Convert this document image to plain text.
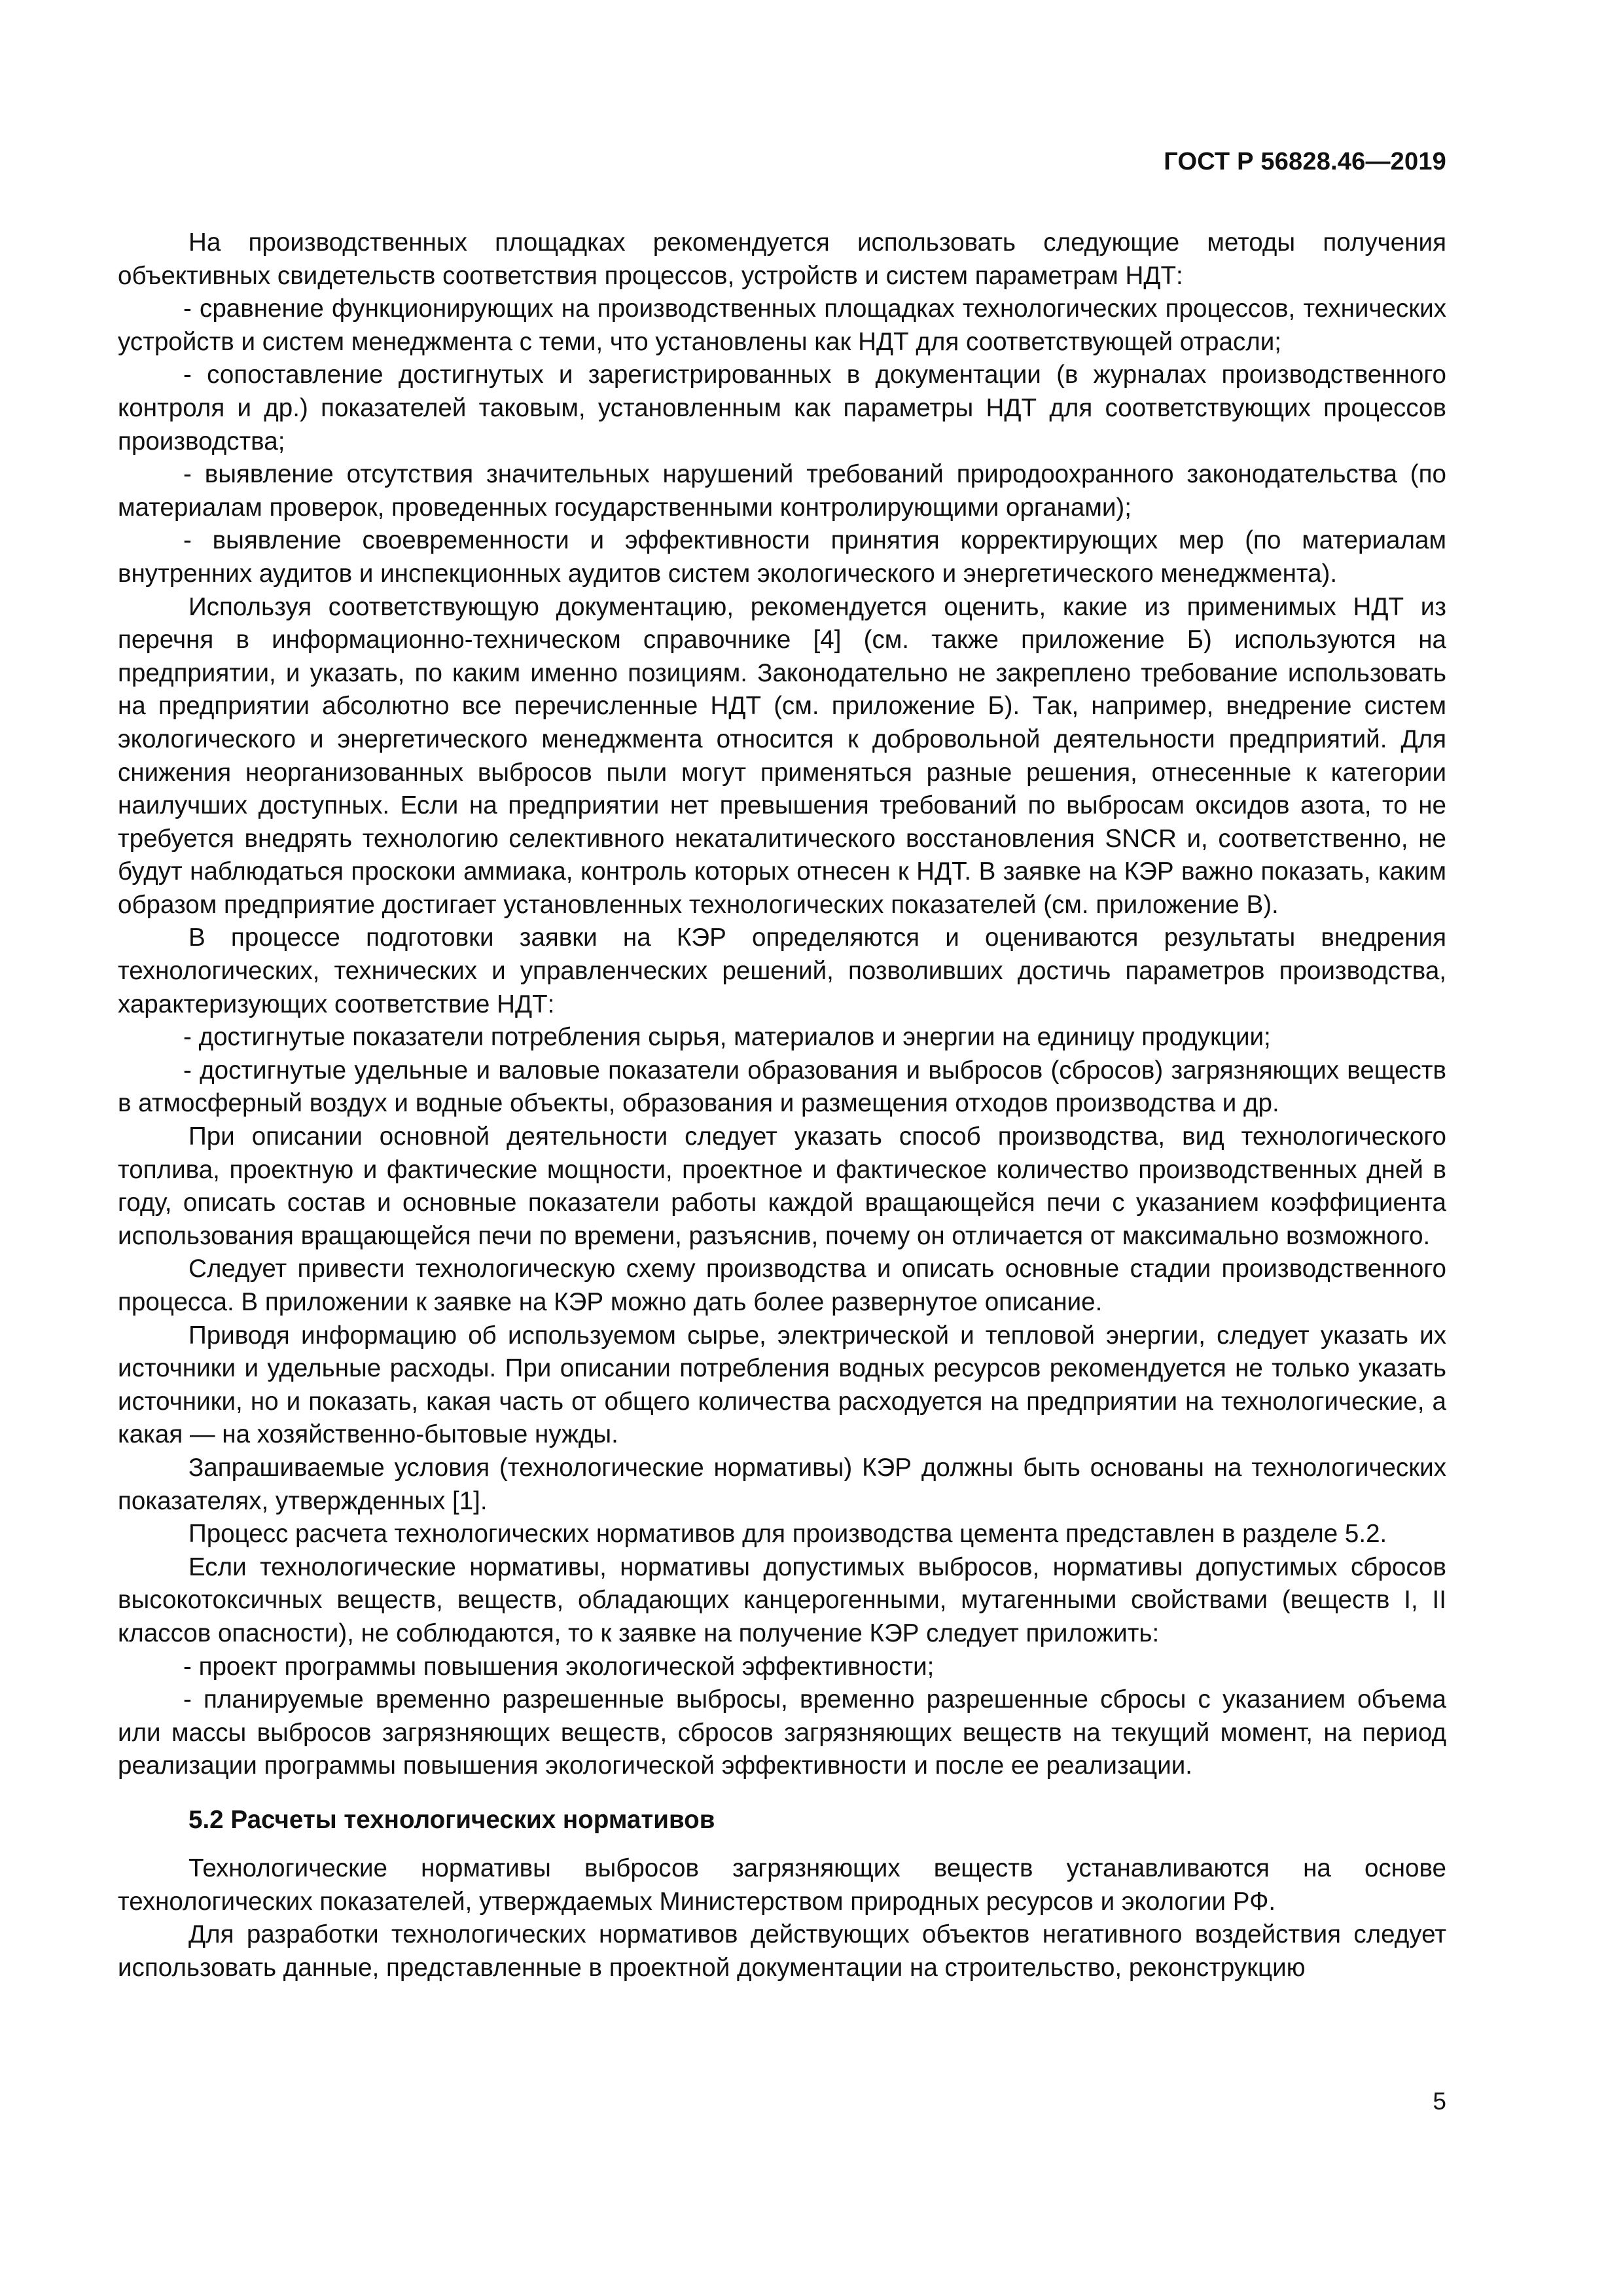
ГОСТ Р 56828.46—2019

На производственных площадках рекомендуется использовать следующие методы получения объективных свидетельств соответствия процессов, устройств и систем параметрам НДТ:

- сравнение функционирующих на производственных площадках технологических процессов, технических устройств и систем менеджмента с теми, что установлены как НДТ для соответствующей отрасли;

- сопоставление достигнутых и зарегистрированных в документации (в журналах производственного контроля и др.) показателей таковым, установленным как параметры НДТ для соответствующих процессов производства;

- выявление отсутствия значительных нарушений требований природоохранного законодательства (по материалам проверок, проведенных государственными контролирующими органами);

- выявление своевременности и эффективности принятия корректирующих мер (по материалам внутренних аудитов и инспекционных аудитов систем экологического и энергетического менеджмента).

Используя соответствующую документацию, рекомендуется оценить, какие из применимых НДТ из перечня в информационно-техническом справочнике [4] (см. также приложение Б) используются на предприятии, и указать, по каким именно позициям. Законодательно не закреплено требование использовать на предприятии абсолютно все перечисленные НДТ (см. приложение Б). Так, например, внедрение систем экологического и энергетического менеджмента относится к добровольной деятельности предприятий. Для снижения неорганизованных выбросов пыли могут применяться разные решения, отнесенные к категории наилучших доступных. Если на предприятии нет превышения требований по выбросам оксидов азота, то не требуется внедрять технологию селективного некаталитического восстановления SNCR и, соответственно, не будут наблюдаться проскоки аммиака, контроль которых отнесен к НДТ. В заявке на КЭР важно показать, каким образом предприятие достигает установленных технологических показателей (см. приложение В).

В процессе подготовки заявки на КЭР определяются и оцениваются результаты внедрения технологических, технических и управленческих решений, позволивших достичь параметров производства, характеризующих соответствие НДТ:

- достигнутые показатели потребления сырья, материалов и энергии на единицу продукции;

- достигнутые удельные и валовые показатели образования и выбросов (сбросов) загрязняющих веществ в атмосферный воздух и водные объекты, образования и размещения отходов производства и др.

При описании основной деятельности следует указать способ производства, вид технологического топлива, проектную и фактические мощности, проектное и фактическое количество производственных дней в году, описать состав и основные показатели работы каждой вращающейся печи с указанием коэффициента использования вращающейся печи по времени, разъяснив, почему он отличается от максимально возможного.

Следует привести технологическую схему производства и описать основные стадии производственного процесса. В приложении к заявке на КЭР можно дать более развернутое описание.

Приводя информацию об используемом сырье, электрической и тепловой энергии, следует указать их источники и удельные расходы. При описании потребления водных ресурсов рекомендуется не только указать источники, но и показать, какая часть от общего количества расходуется на предприятии на технологические, а какая — на хозяйственно-бытовые нужды.

Запрашиваемые условия (технологические нормативы) КЭР должны быть основаны на технологических показателях, утвержденных [1].

Процесс расчета технологических нормативов для производства цемента представлен в разделе 5.2.

Если технологические нормативы, нормативы допустимых выбросов, нормативы допустимых сбросов высокотоксичных веществ, веществ, обладающих канцерогенными, мутагенными свойствами (веществ I, II классов опасности), не соблюдаются, то к заявке на получение КЭР следует приложить:

- проект программы повышения экологической эффективности;

- планируемые временно разрешенные выбросы, временно разрешенные сбросы с указанием объема или массы выбросов загрязняющих веществ, сбросов загрязняющих веществ на текущий момент, на период реализации программы повышения экологической эффективности и после ее реализации.

5.2 Расчеты технологических нормативов

Технологические нормативы выбросов загрязняющих веществ устанавливаются на основе технологических показателей, утверждаемых Министерством природных ресурсов и экологии РФ.

Для разработки технологических нормативов действующих объектов негативного воздействия следует использовать данные, представленные в проектной документации на строительство, реконструкцию

5
